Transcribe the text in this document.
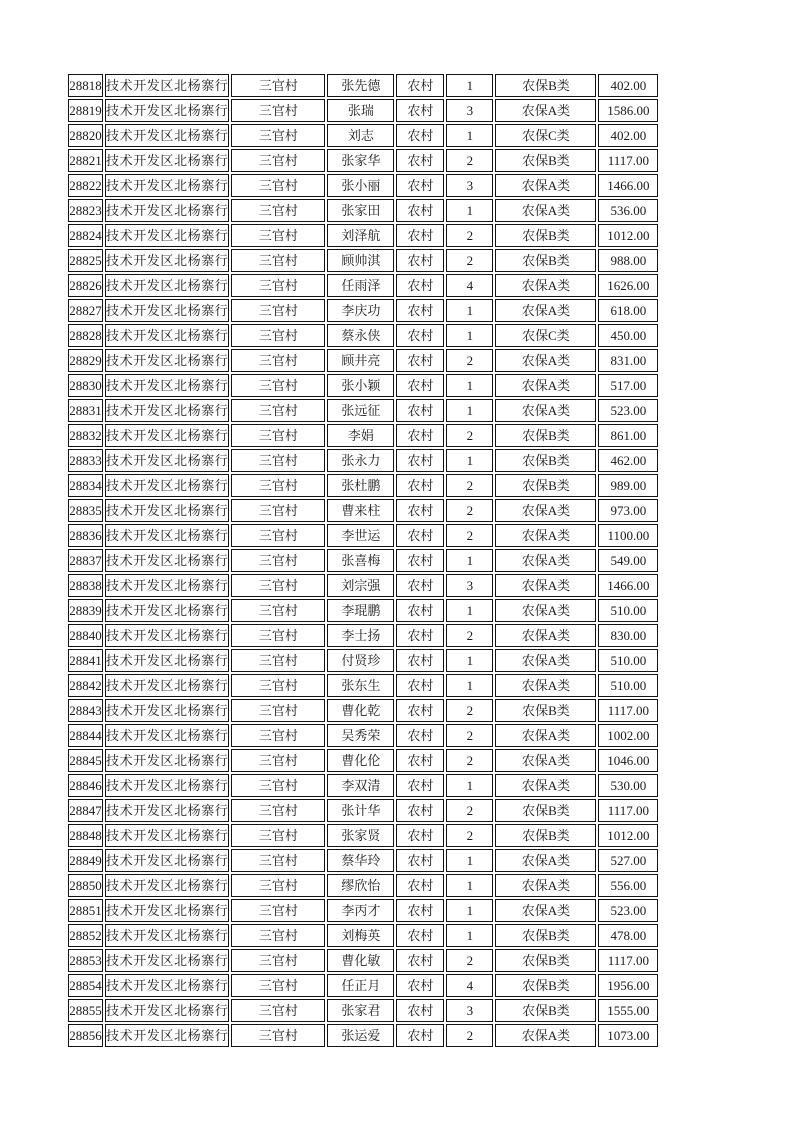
28818	技术开发区北杨寨行	三官村	张先德	农村	1	农保B类	402.00
28819	技术开发区北杨寨行	三官村	张瑞	农村	3	农保A类	1586.00
28820	技术开发区北杨寨行	三官村	刘志	农村	1	农保C类	402.00
28821	技术开发区北杨寨行	三官村	张家华	农村	2	农保B类	1117.00
28822	技术开发区北杨寨行	三官村	张小丽	农村	3	农保A类	1466.00
28823	技术开发区北杨寨行	三官村	张家田	农村	1	农保A类	536.00
28824	技术开发区北杨寨行	三官村	刘泽航	农村	2	农保B类	1012.00
28825	技术开发区北杨寨行	三官村	顾帅淇	农村	2	农保B类	988.00
28826	技术开发区北杨寨行	三官村	任雨泽	农村	4	农保A类	1626.00
28827	技术开发区北杨寨行	三官村	李庆功	农村	1	农保A类	618.00
28828	技术开发区北杨寨行	三官村	蔡永侠	农村	1	农保C类	450.00
28829	技术开发区北杨寨行	三官村	顾井亮	农村	2	农保A类	831.00
28830	技术开发区北杨寨行	三官村	张小颖	农村	1	农保A类	517.00
28831	技术开发区北杨寨行	三官村	张远征	农村	1	农保A类	523.00
28832	技术开发区北杨寨行	三官村	李娟	农村	2	农保B类	861.00
28833	技术开发区北杨寨行	三官村	张永力	农村	1	农保B类	462.00
28834	技术开发区北杨寨行	三官村	张杜鹏	农村	2	农保B类	989.00
28835	技术开发区北杨寨行	三官村	曹来柱	农村	2	农保A类	973.00
28836	技术开发区北杨寨行	三官村	李世运	农村	2	农保A类	1100.00
28837	技术开发区北杨寨行	三官村	张喜梅	农村	1	农保A类	549.00
28838	技术开发区北杨寨行	三官村	刘宗强	农村	3	农保A类	1466.00
28839	技术开发区北杨寨行	三官村	李琨鹏	农村	1	农保A类	510.00
28840	技术开发区北杨寨行	三官村	李士扬	农村	2	农保A类	830.00
28841	技术开发区北杨寨行	三官村	付贤珍	农村	1	农保A类	510.00
28842	技术开发区北杨寨行	三官村	张东生	农村	1	农保A类	510.00
28843	技术开发区北杨寨行	三官村	曹化乾	农村	2	农保B类	1117.00
28844	技术开发区北杨寨行	三官村	吴秀荣	农村	2	农保A类	1002.00
28845	技术开发区北杨寨行	三官村	曹化伦	农村	2	农保A类	1046.00
28846	技术开发区北杨寨行	三官村	李双清	农村	1	农保A类	530.00
28847	技术开发区北杨寨行	三官村	张计华	农村	2	农保B类	1117.00
28848	技术开发区北杨寨行	三官村	张家贤	农村	2	农保B类	1012.00
28849	技术开发区北杨寨行	三官村	蔡华玲	农村	1	农保A类	527.00
28850	技术开发区北杨寨行	三官村	缪欣怡	农村	1	农保A类	556.00
28851	技术开发区北杨寨行	三官村	李丙才	农村	1	农保A类	523.00
28852	技术开发区北杨寨行	三官村	刘梅英	农村	1	农保B类	478.00
28853	技术开发区北杨寨行	三官村	曹化敏	农村	2	农保B类	1117.00
28854	技术开发区北杨寨行	三官村	任正月	农村	4	农保B类	1956.00
28855	技术开发区北杨寨行	三官村	张家君	农村	3	农保B类	1555.00
28856	技术开发区北杨寨行	三官村	张运爱	农村	2	农保A类	1073.00
